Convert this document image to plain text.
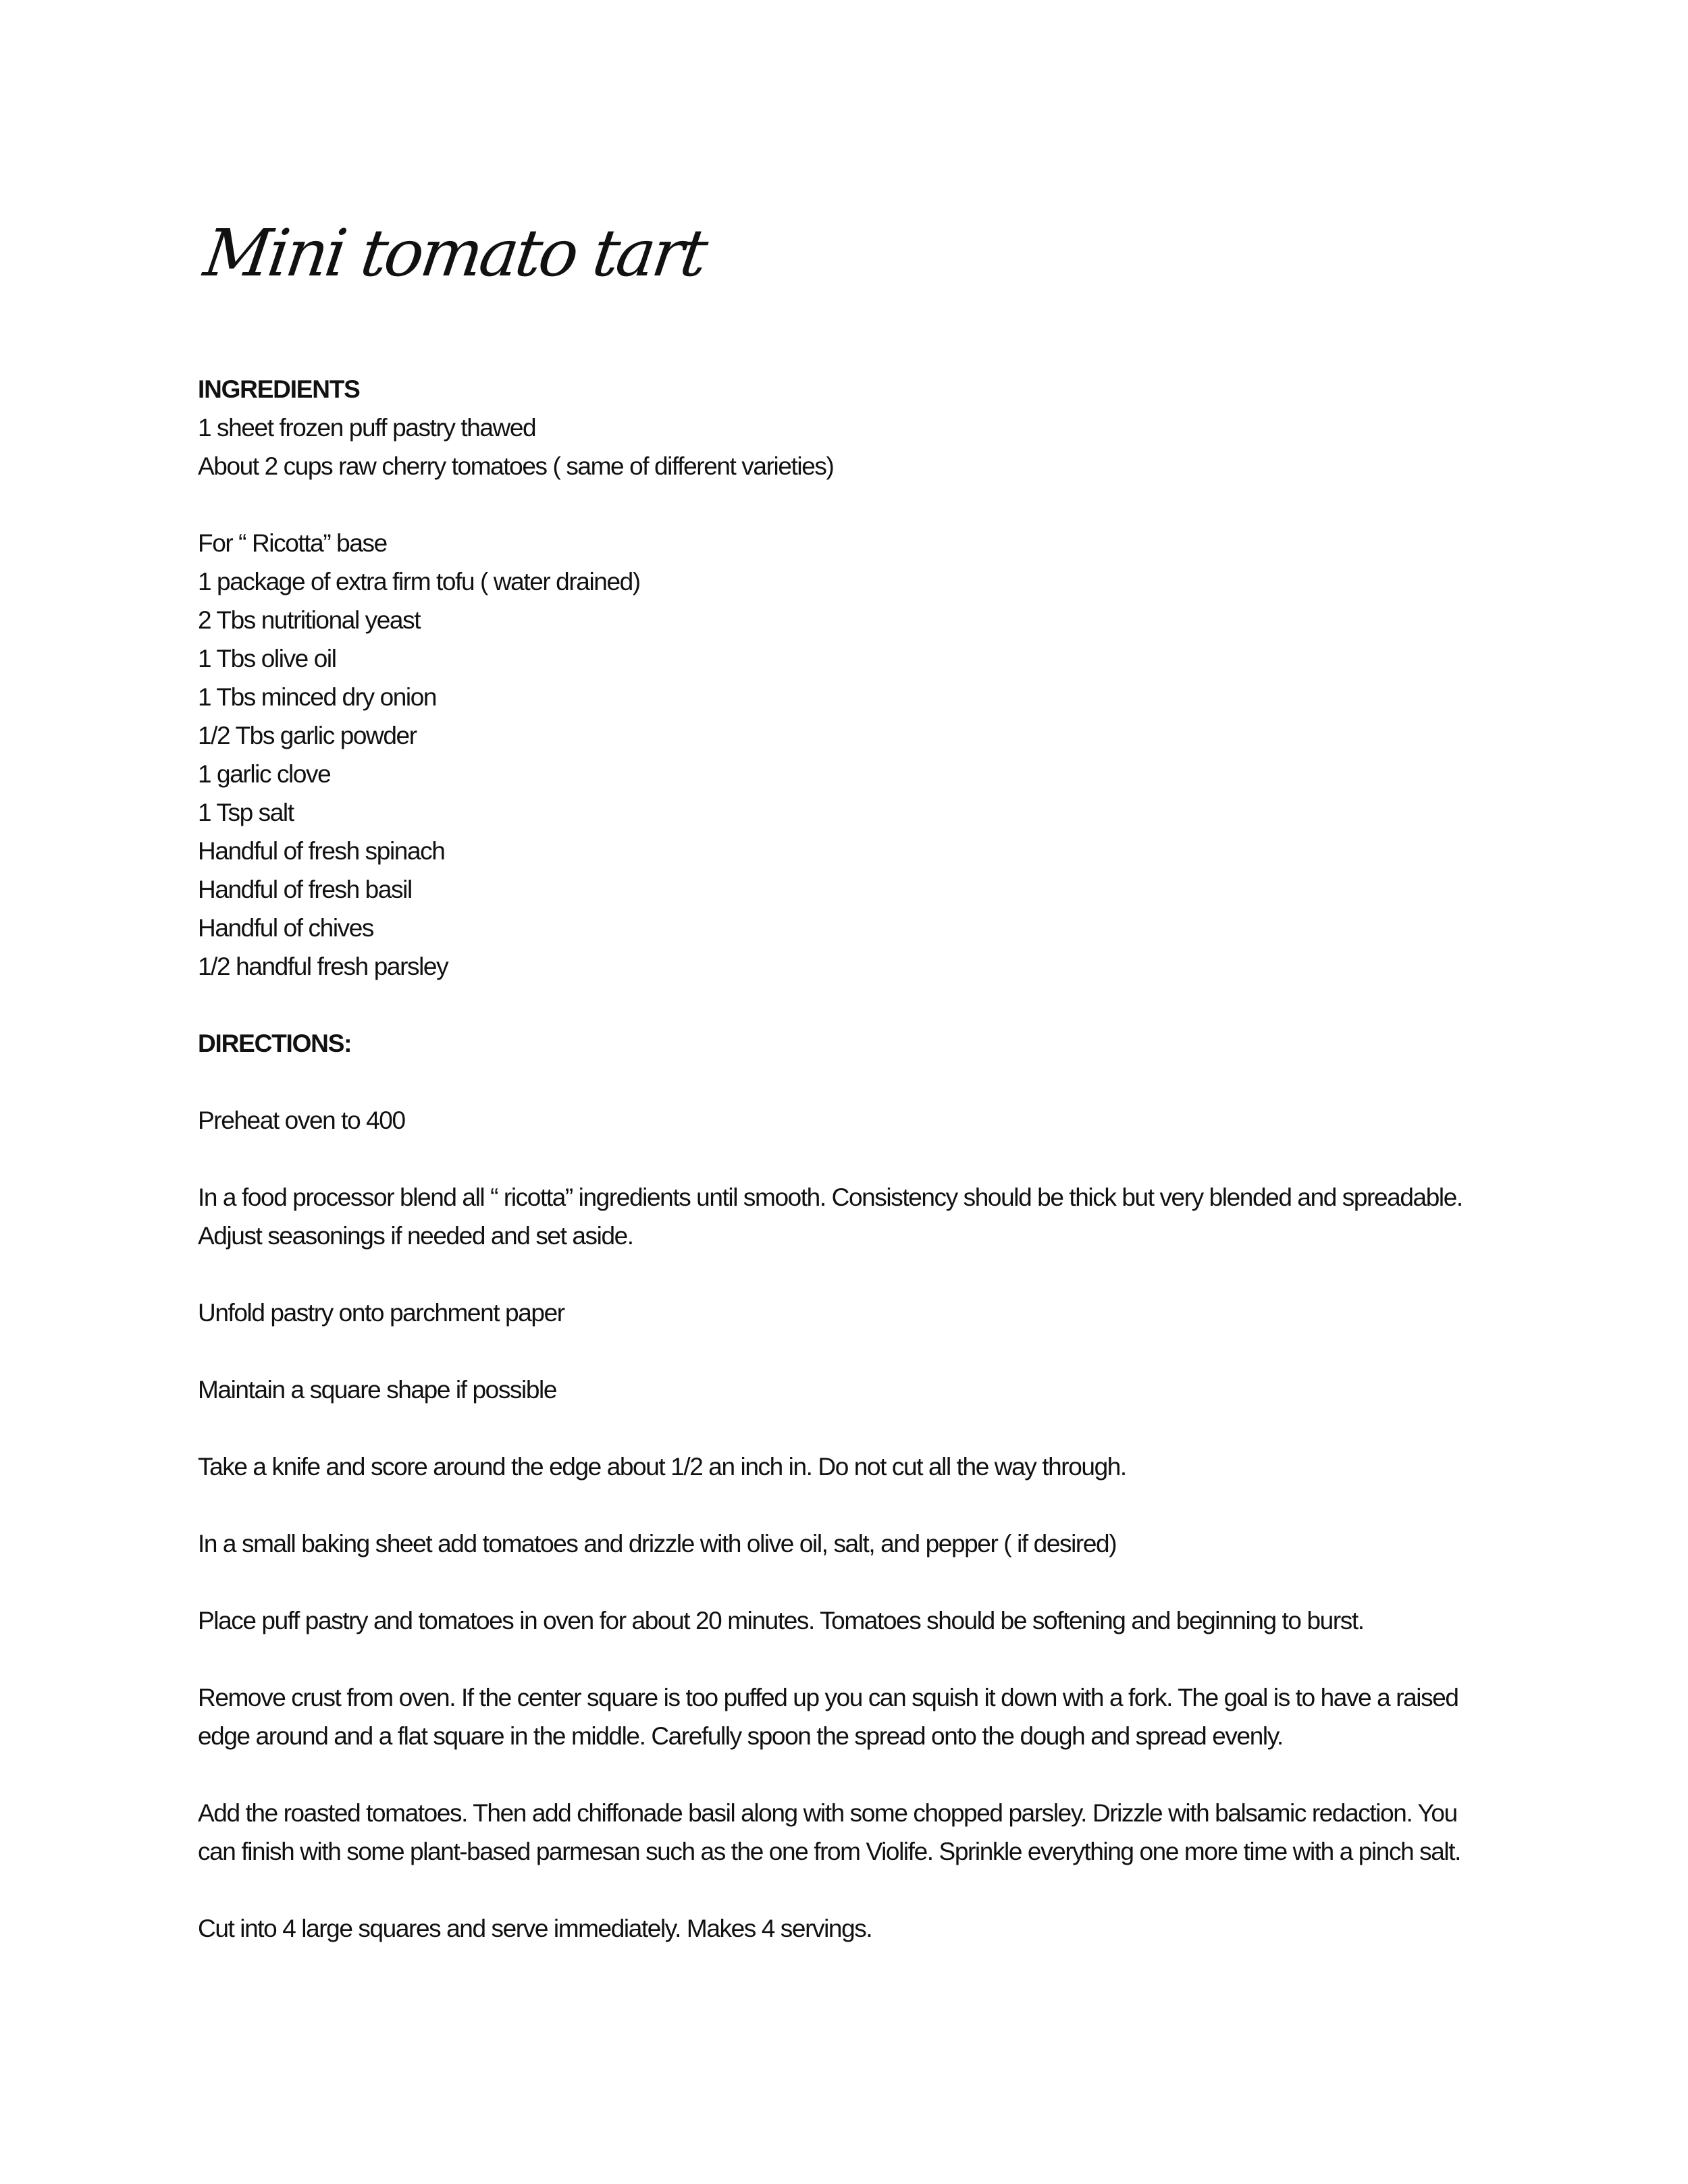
Mini tomato tart
INGREDIENTS
1 sheet frozen puff pastry thawed
About 2 cups raw cherry tomatoes ( same of different varieties)
For “ Ricotta” base
1 package of extra firm tofu ( water drained)
2 Tbs nutritional yeast
1 Tbs olive oil
1 Tbs minced dry onion
1/2 Tbs garlic powder
1 garlic clove
1 Tsp salt
Handful of fresh spinach
Handful of fresh basil
Handful of chives
1/2 handful fresh parsley
DIRECTIONS:
Preheat oven to 400
In a food processor blend all “ ricotta” ingredients until smooth. Consistency should be thick but very blended and spreadable. Adjust seasonings if needed and set aside.
Unfold pastry onto parchment paper
Maintain a square shape if possible
Take a knife and score around the edge about 1/2 an inch in. Do not cut all the way through.
In a small baking sheet add tomatoes and drizzle with olive oil, salt, and pepper ( if desired)
Place puff pastry and tomatoes in oven for about 20 minutes. Tomatoes should be softening and beginning to burst.
Remove crust from oven. If the center square is too puffed up you can squish it down with a fork. The goal is to have a raised edge around and a flat square in the middle. Carefully spoon the spread onto the dough and spread evenly.
Add the roasted tomatoes. Then add chiffonade basil along with some chopped parsley. Drizzle with balsamic redaction. You can finish with some plant-based parmesan such as the one from Violife. Sprinkle everything one more time with a pinch salt.
Cut into 4 large squares and serve immediately. Makes 4 servings.
